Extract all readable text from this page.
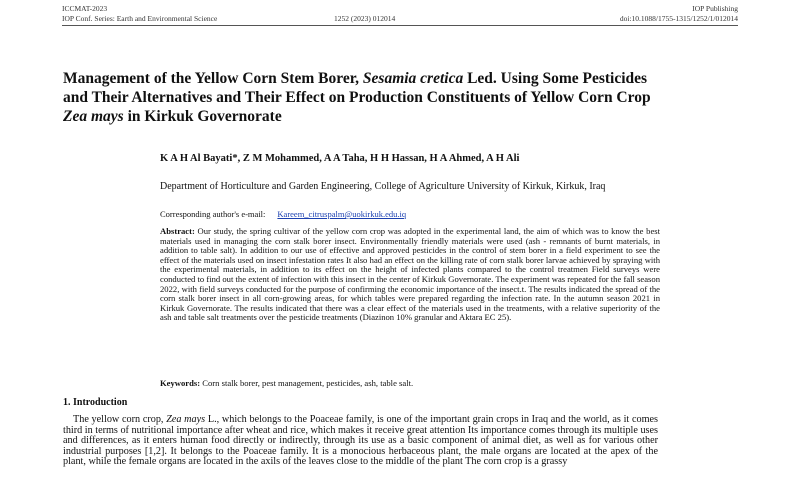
ICCMAT-2023	IOP Publishing
IOP Conf. Series: Earth and Environmental Science	1252 (2023) 012014	doi:10.1088/1755-1315/1252/1/012014
Management of the Yellow Corn Stem Borer, Sesamia cretica Led. Using Some Pesticides and Their Alternatives and Their Effect on Production Constituents of Yellow Corn Crop Zea mays in Kirkuk Governorate
K A H Al Bayati*, Z M Mohammed, A A Taha, H H Hassan, H A Ahmed, A H Ali
Department of Horticulture and Garden Engineering, College of Agriculture University of Kirkuk, Kirkuk, Iraq
Corresponding author's e-mail: Kareem_citruspalm@uokirkuk.edu.iq

Abstract: Our study, the spring cultivar of the yellow corn crop was adopted in the experimental land, the aim of which was to know the best materials used in managing the corn stalk borer insect. Environmentally friendly materials were used (ash - remnants of burnt materials, in addition to table salt). In addition to our use of effective and approved pesticides in the control of stem borer in a field experiment to see the effect of the materials used on insect infestation rates It also had an effect on the killing rate of corn stalk borer larvae achieved by spraying with the experimental materials, in addition to its effect on the height of infected plants compared to the control treatmen Field surveys were conducted to find out the extent of infection with this insect in the center of Kirkuk Governorate. The experiment was repeated for the fall season 2022, with field surveys conducted for the purpose of confirming the economic importance of the insect.t. The results indicated the spread of the corn stalk borer insect in all corn-growing areas, for which tables were prepared regarding the infection rate. In the autumn season 2021 in Kirkuk Governorate. The results indicated that there was a clear effect of the materials used in the treatments, with a relative superiority of the ash and table salt treatments over the pesticide treatments (Diazinon 10% granular and Aktara EC 25).

Keywords: Corn stalk borer, pest management, pesticides, ash, table salt.
1. Introduction

The yellow corn crop, Zea mays L., which belongs to the Poaceae family, is one of the important grain crops in Iraq and the world, as it comes third in terms of nutritional importance after wheat and rice, which makes it receive great attention Its importance comes through its multiple uses and differences, as it enters human food directly or indirectly, through its use as a basic component of animal diet, as well as for various other industrial purposes [1,2]. It belongs to the Poaceae family. It is a monocious herbaceous plant, the male organs are located at the apex of the plant, while the female organs are located in the axils of the leaves close to the middle of the plant The corn crop is a grassy
